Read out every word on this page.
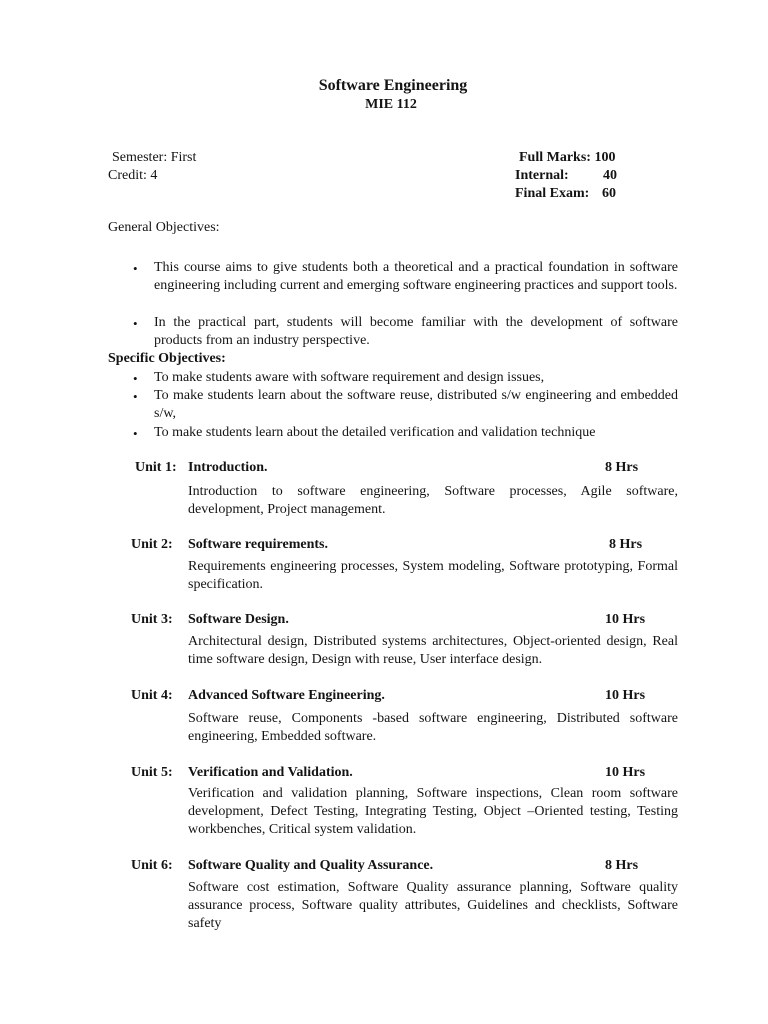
Software Engineering
MIE 112
Semester: First
Credit: 4
Full Marks: 100
Internal: 40
Final Exam: 60
General Objectives:
• This course aims to give students both a theoretical and a practical foundation in software engineering including current and emerging software engineering practices and support tools.
• In the practical part, students will become familiar with the development of software products from an industry perspective.
Specific Objectives:
• To make students aware with software requirement and design issues,
• To make students learn about the software reuse, distributed s/w engineering and embedded s/w,
• To make students learn about the detailed verification and validation technique
Unit 1: Introduction.	8 Hrs
Introduction to software engineering, Software processes, Agile software, development, Project management.
Unit 2: Software requirements.	8 Hrs
Requirements engineering processes, System modeling, Software prototyping, Formal specification.
Unit 3: Software Design.	10 Hrs
Architectural design, Distributed systems architectures, Object-oriented design, Real time software design, Design with reuse, User interface design.
Unit 4: Advanced Software Engineering.	10 Hrs
Software reuse, Components -based software engineering, Distributed software engineering, Embedded software.
Unit 5: Verification and Validation.	10 Hrs
Verification and validation planning, Software inspections, Clean room software development, Defect Testing, Integrating Testing, Object –Oriented testing, Testing workbenches, Critical system validation.
Unit 6: Software Quality and Quality Assurance.	8 Hrs
Software cost estimation, Software Quality assurance planning, Software quality assurance process, Software quality attributes, Guidelines and checklists, Software safety
